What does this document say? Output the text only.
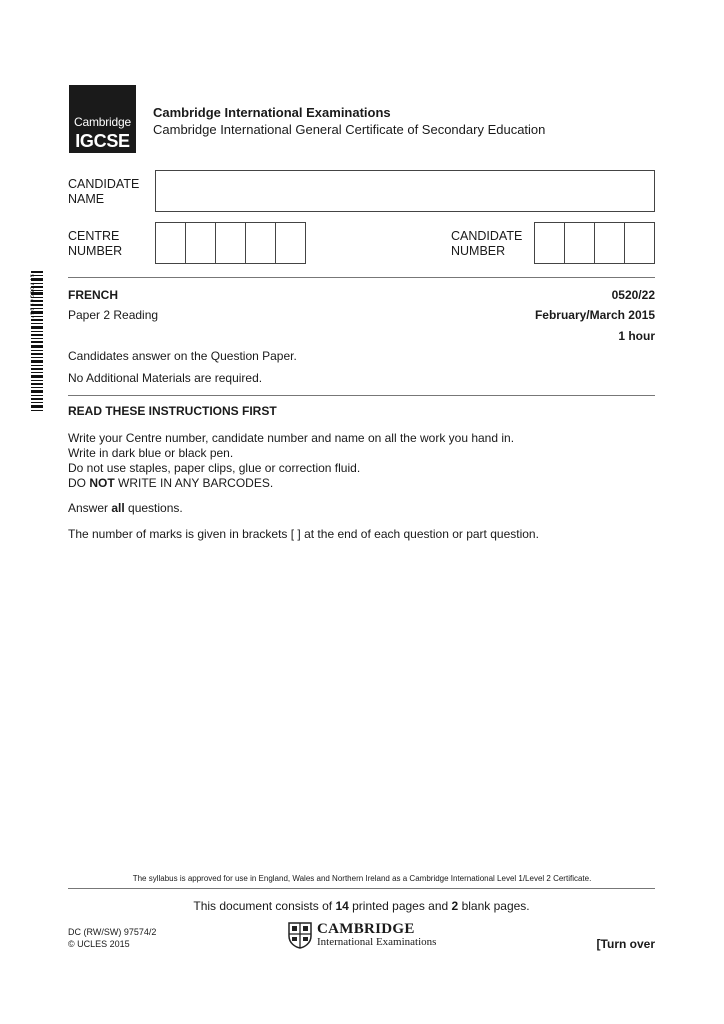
Cambridge
IGCSE
Cambridge International Examinations
Cambridge International General Certificate of Secondary Education
CANDIDATE
NAME
CENTRE
NUMBER
CANDIDATE
NUMBER
* 5 7 7 0 5 9 6 9 9 3 *	FRENCH	0520/22
Paper 2 Reading	February/March 2015
1 hour
Candidates answer on the Question Paper.
No Additional Materials are required.
READ THESE INSTRUCTIONS FIRST
Write your Centre number, candidate number and name on all the work you hand in.
Write in dark blue or black pen.
Do not use staples, paper clips, glue or correction fluid.
DO NOT WRITE IN ANY BARCODES.
Answer all questions.
The number of marks is given in brackets [ ] at the end of each question or part question.
The syllabus is approved for use in England, Wales and Northern Ireland as a Cambridge International Level 1/Level 2 Certificate.
This document consists of 14 printed pages and 2 blank pages.
DC (RW/SW) 97574/2
© UCLES 2015
CAMBRIDGE
International Examinations	[Turn over
